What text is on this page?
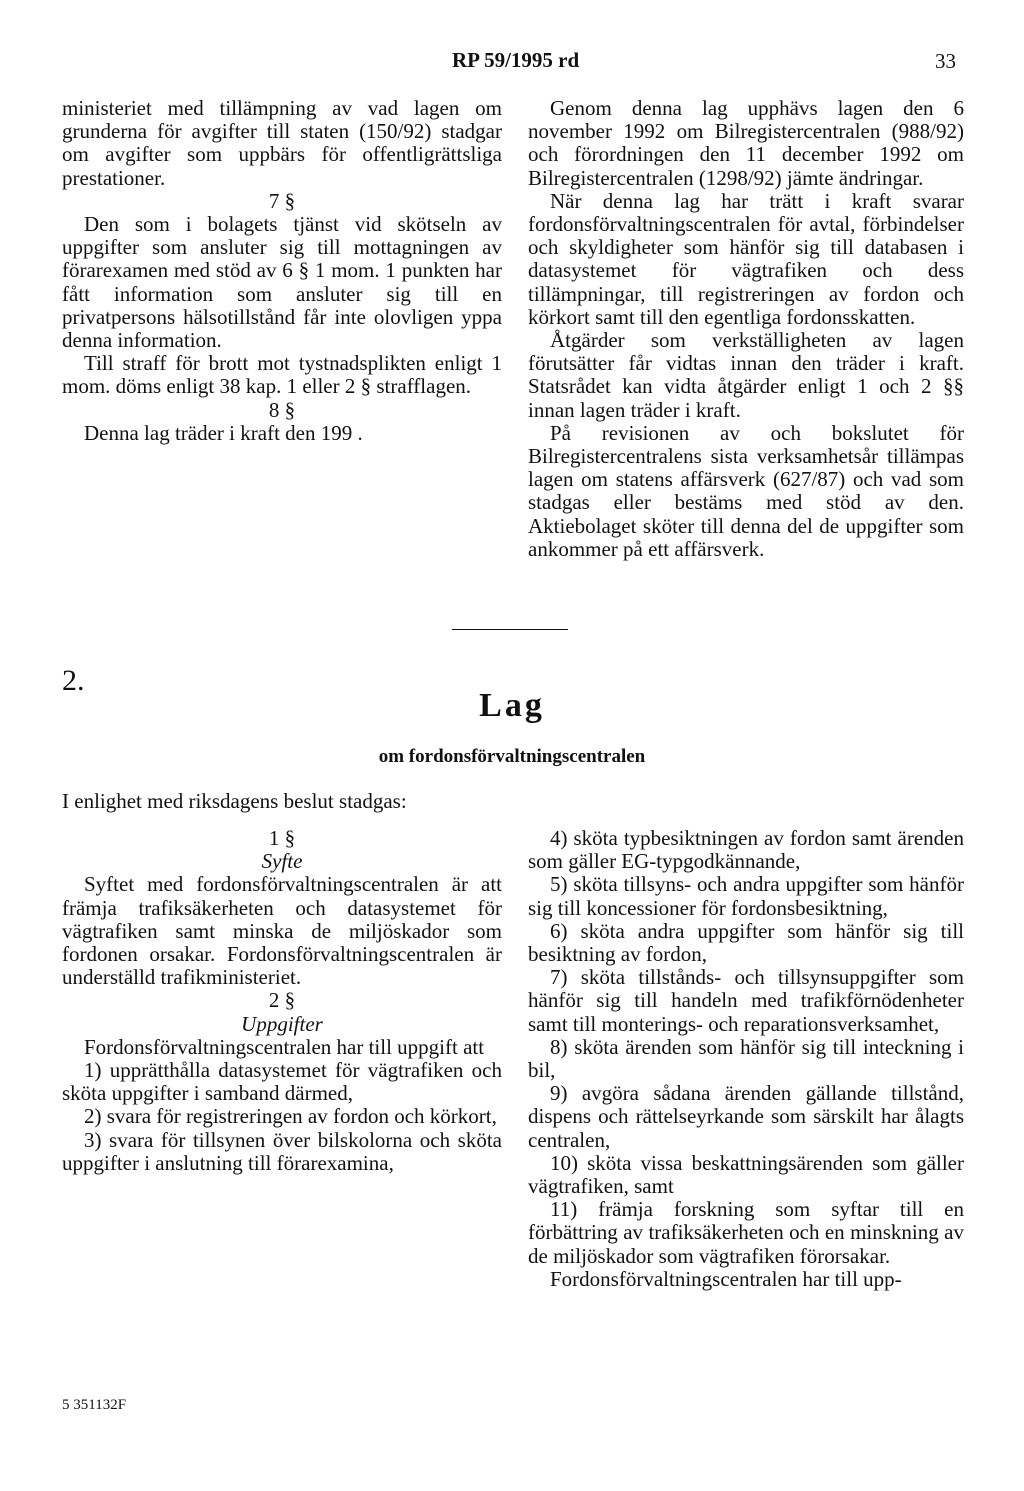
RP 59/1995 rd	33

ministeriet med tillämpning av vad lagen om grunderna för avgifter till staten (150/92) stadgar om avgifter som uppbärs för offentligrättsliga prestationer.

7 §

Den som i bolagets tjänst vid skötseln av uppgifter som ansluter sig till mottagningen av förarexamen med stöd av 6 § 1 mom. 1 punkten har fått information som ansluter sig till en privatpersons hälsotillstånd får inte olovligen yppa denna information.

Till straff för brott mot tystnadsplikten enligt 1 mom. döms enligt 38 kap. 1 eller 2 § strafflagen.

8 §

Denna lag träder i kraft den 199 .

Genom denna lag upphävs lagen den 6 november 1992 om Bilregistercentralen (988/92) och förordningen den 11 december 1992 om Bilregistercentralen (1298/92) jämte ändringar.

När denna lag har trätt i kraft svarar fordonsförvaltningscentralen för avtal, förbindelser och skyldigheter som hänför sig till databasen i datasystemet för vägtrafiken och dess tillämpningar, till registreringen av fordon och körkort samt till den egentliga fordonsskatten.

Åtgärder som verkställigheten av lagen förutsätter får vidtas innan den träder i kraft. Statsrådet kan vidta åtgärder enligt 1 och 2 §§ innan lagen träder i kraft.

På revisionen av och bokslutet för Bilregistercentralens sista verksamhetsår tillämpas lagen om statens affärsverk (627/87) och vad som stadgas eller bestäms med stöd av den. Aktiebolaget sköter till denna del de uppgifter som ankommer på ett affärsverk.

2.
Lag
om fordonsförvaltningscentralen
I enlighet med riksdagens beslut stadgas:

1 §

Syfte

Syftet med fordonsförvaltningscentralen är att främja trafiksäkerheten och datasystemet för vägtrafiken samt minska de miljöskador som fordonen orsakar. Fordonsförvaltningscentralen är underställd trafikministeriet.

2 §

Uppgifter

Fordonsförvaltningscentralen har till uppgift att

1) upprätthålla datasystemet för vägtrafiken och sköta uppgifter i samband därmed,

2) svara för registreringen av fordon och körkort,

3) svara för tillsynen över bilskolorna och sköta uppgifter i anslutning till förarexamina,

4) sköta typbesiktningen av fordon samt ärenden som gäller EG-typgodkännande,

5) sköta tillsyns- och andra uppgifter som hänför sig till koncessioner för fordonsbesiktning,

6) sköta andra uppgifter som hänför sig till besiktning av fordon,

7) sköta tillstånds- och tillsynsuppgifter som hänför sig till handeln med trafikförnödenheter samt till monterings- och reparationsverksamhet,

8) sköta ärenden som hänför sig till inteckning i bil,

9) avgöra sådana ärenden gällande tillstånd, dispens och rättelseyrkande som särskilt har ålagts centralen,

10) sköta vissa beskattningsärenden som gäller vägtrafiken, samt

11) främja forskning som syftar till en förbättring av trafiksäkerheten och en minskning av de miljöskador som vägtrafiken förorsakar.

Fordonsförvaltningscentralen har till upp-

5 351132F
